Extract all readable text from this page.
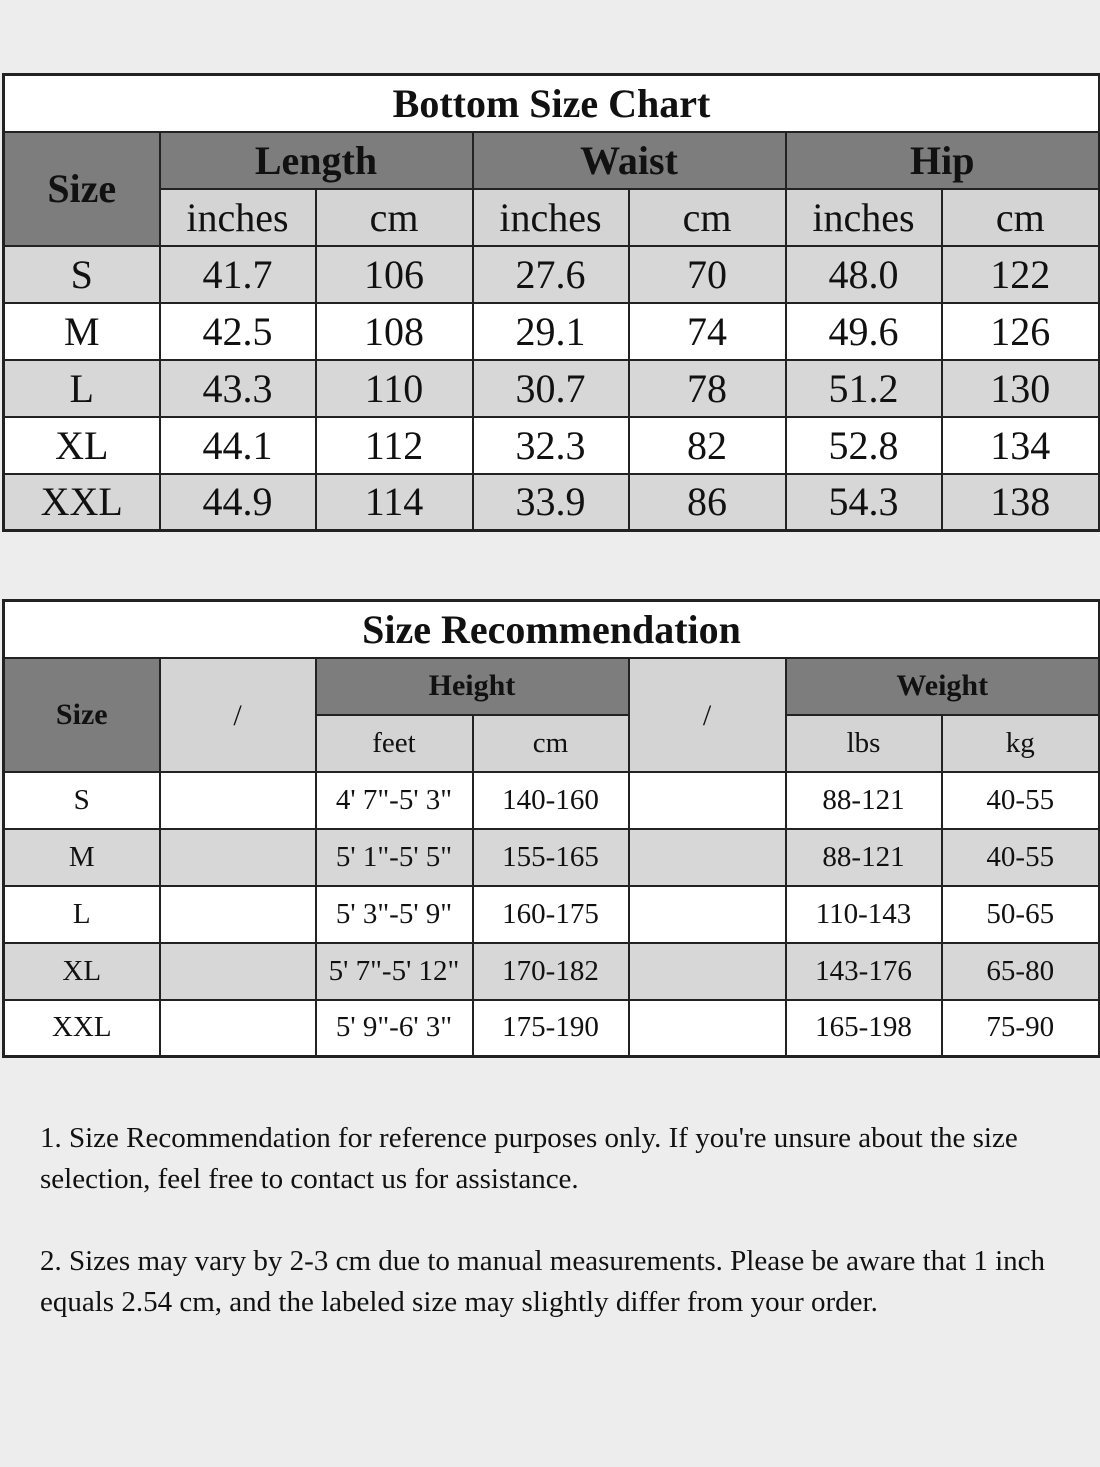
Bottom Size Chart						
Size	Length		Waist		Hip	
	inches	cm	inches	cm	inches	cm
S	41.7	106	27.6	70	48.0	122
M	42.5	108	29.1	74	49.6	126
L	43.3	110	30.7	78	51.2	130
XL	44.1	112	32.3	82	52.8	134
XXL	44.9	114	33.9	86	54.3	138
Size Recommendation						
Size	/	Height		/	Weight	
		feet	cm		lbs	kg
S		4' 7"-5' 3"	140-160		88-121	40-55
M		5' 1"-5' 5"	155-165		88-121	40-55
L		5' 3"-5' 9"	160-175		110-143	50-65
XL		5' 7"-5' 12"	170-182		143-176	65-80
XXL		5' 9"-6' 3"	175-190		165-198	75-90

1. Size Recommendation for reference purposes only. If you're unsure about the size selection, feel free to contact us for assistance.

2. Sizes may vary by 2-3 cm due to manual measurements. Please be aware that 1 inch equals 2.54 cm, and the labeled size may slightly differ from your order.
